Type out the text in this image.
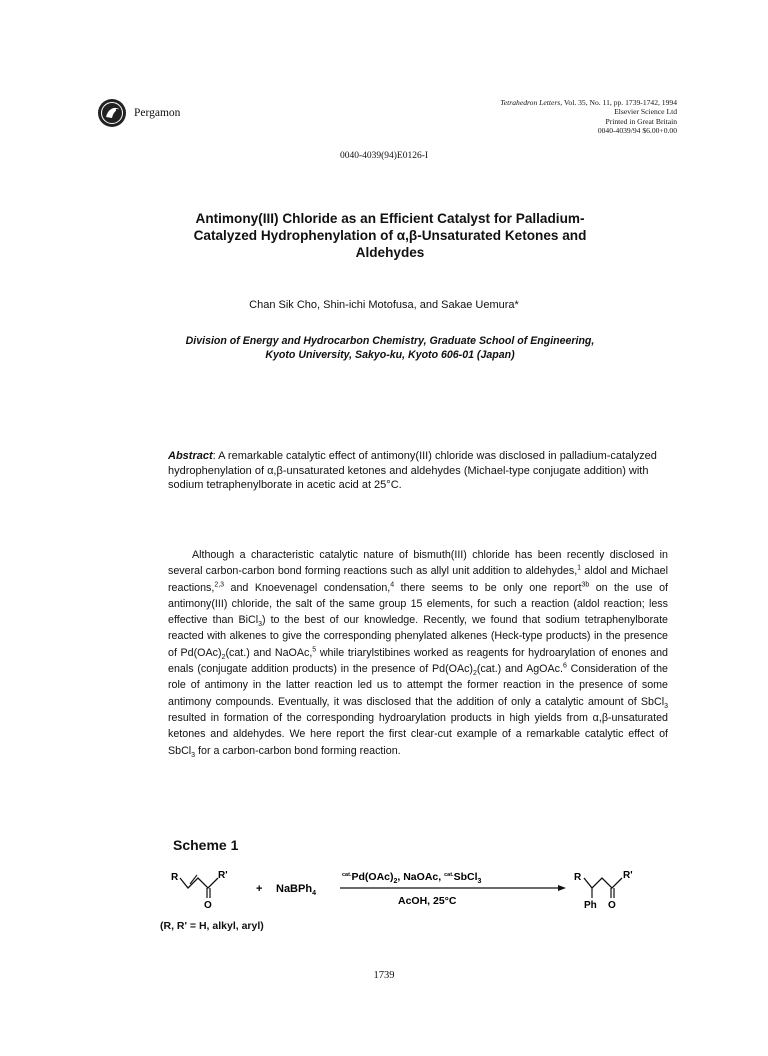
Pergamon
Tetrahedron Letters, Vol. 35, No. 11, pp. 1739-1742, 1994
Elsevier Science Ltd
Printed in Great Britain
0040-4039/94 $6.00+0.00
0040-4039(94)E0126-I
Antimony(III) Chloride as an Efficient Catalyst for Palladium-
Catalyzed Hydrophenylation of α,β-Unsaturated Ketones and
Aldehydes
Chan Sik Cho, Shin-ichi Motofusa, and Sakae Uemura*
Division of Energy and Hydrocarbon Chemistry, Graduate School of Engineering,
Kyoto University, Sakyo-ku, Kyoto 606-01 (Japan)
Abstract: A remarkable catalytic effect of antimony(III) chloride was disclosed in palladium-catalyzed hydrophenylation of α,β-unsaturated ketones and aldehydes (Michael-type conjugate addition) with sodium tetraphenylborate in acetic acid at 25°C.
Although a characteristic catalytic nature of bismuth(III) chloride has been recently disclosed in several carbon-carbon bond forming reactions such as allyl unit addition to aldehydes,$^1$ aldol and Michael reactions,$^{2,3}$ and Knoevenagel condensation,$^4$ there seems to be only one report$^{3b}$ on the use of antimony(III) chloride, the salt of the same group 15 elements, for such a reaction (aldol reaction; less effective than BiCl$_3$) to the best of our knowledge. Recently, we found that sodium tetraphenylborate reacted with alkenes to give the corresponding phenylated alkenes (Heck-type products) in the presence of $Pd(OAc)_2(cat.)$ and NaOAc,$^5$ while triarylstibines worked as reagents for hydroarylation of enones and enals (conjugate addition products) in the presence of $Pd(OAc)_2(cat.)$ and AgOAc.$^6$ Consideration of the role of antimony in the latter reaction led us to attempt the former reaction in the presence of some antimony compounds. Eventually, it was disclosed that the addition of only a catalytic amount of SbCl$_3$ resulted in formation of the corresponding hydroarylation products in high yields from α,β-unsaturated ketones and aldehydes. We here report the first clear-cut example of a remarkable catalytic effect of SbCl$_3$ for a carbon-carbon bond forming reaction.
Scheme 1
R	R'
O
+ NaBPh$_4$
$^{cat.}Pd(OAc)_2$, NaOAc, $^{cat.}$SbCl$_3$
AcOH, 25°C
R	R'
Ph O
(R, R' = H, alkyl, aryl)
1739
